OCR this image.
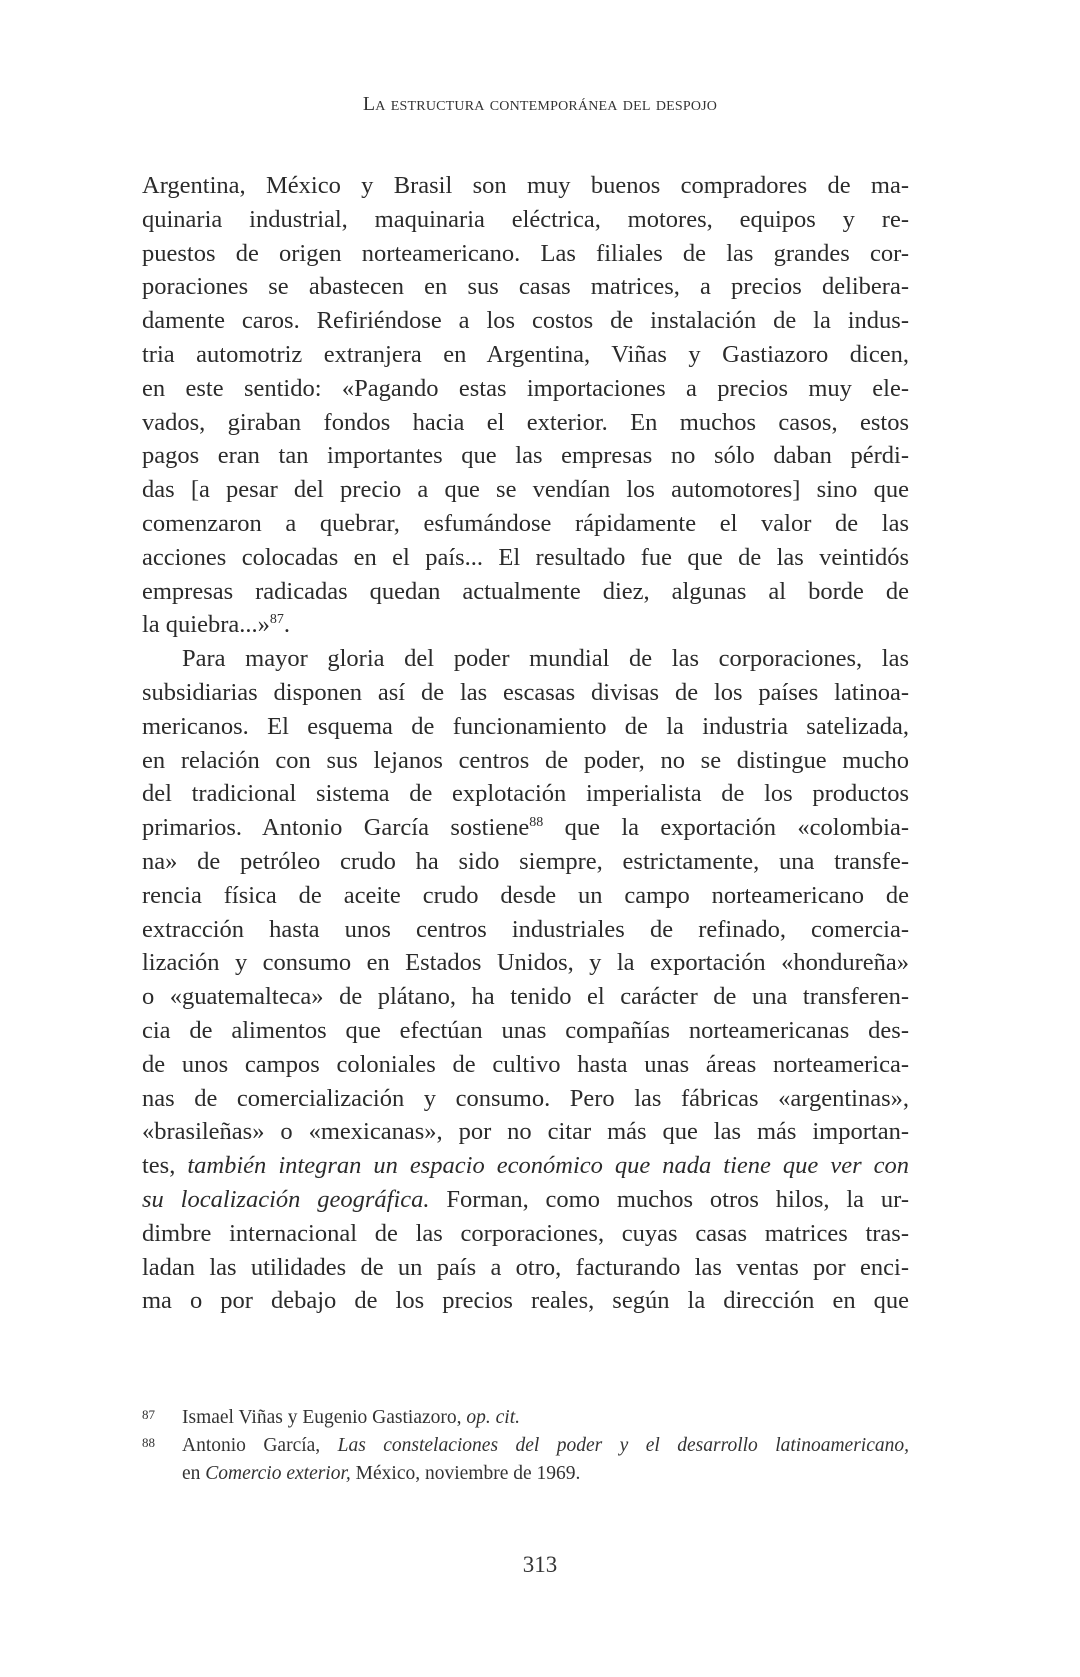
La estructura contemporánea del despojo
Argentina, México y Brasil son muy buenos compradores de ma-
quinaria industrial, maquinaria eléctrica, motores, equipos y re-
puestos de origen norteamericano. Las filiales de las grandes cor-
poraciones se abastecen en sus casas matrices, a precios delibera-
damente caros. Refiriéndose a los costos de instalación de la indus-
tria automotriz extranjera en Argentina, Viñas y Gastiazoro dicen,
en este sentido: «Pagando estas importaciones a precios muy ele-
vados, giraban fondos hacia el exterior. En muchos casos, estos
pagos eran tan importantes que las empresas no sólo daban pérdi-
das [a pesar del precio a que se vendían los automotores] sino que
comenzaron a quebrar, esfumándose rápidamente el valor de las
acciones colocadas en el país... El resultado fue que de las veintidós
empresas radicadas quedan actualmente diez, algunas al borde de
la quiebra...»$^{87}$.
Para mayor gloria del poder mundial de las corporaciones, las
subsidiarias disponen así de las escasas divisas de los países latinoa-
mericanos. El esquema de funcionamiento de la industria satelizada,
en relación con sus lejanos centros de poder, no se distingue mucho
del tradicional sistema de explotación imperialista de los productos
primarios. Antonio García sostiene$^{88}$ que la exportación «colombia-
na» de petróleo crudo ha sido siempre, estrictamente, una transfe-
rencia física de aceite crudo desde un campo norteamericano de
extracción hasta unos centros industriales de refinado, comercia-
lización y consumo en Estados Unidos, y la exportación «hondureña»
o «guatemalteca» de plátano, ha tenido el carácter de una transferen-
cia de alimentos que efectúan unas compañías norteamericanas des-
de unos campos coloniales de cultivo hasta unas áreas norteamerica-
nas de comercialización y consumo. Pero las fábricas «argentinas»,
«brasileñas» o «mexicanas», por no citar más que las más importan-
tes, también integran un espacio económico que nada tiene que ver con
su localización geográfica. Forman, como muchos otros hilos, la ur-
dimbre internacional de las corporaciones, cuyas casas matrices tras-
ladan las utilidades de un país a otro, facturando las ventas por enci-
ma o por debajo de los precios reales, según la dirección en que
87 Ismael Viñas y Eugenio Gastiazoro, op. cit.
88 Antonio García, Las constelaciones del poder y el desarrollo latinoamericano,
en Comercio exterior, México, noviembre de 1969.
313
